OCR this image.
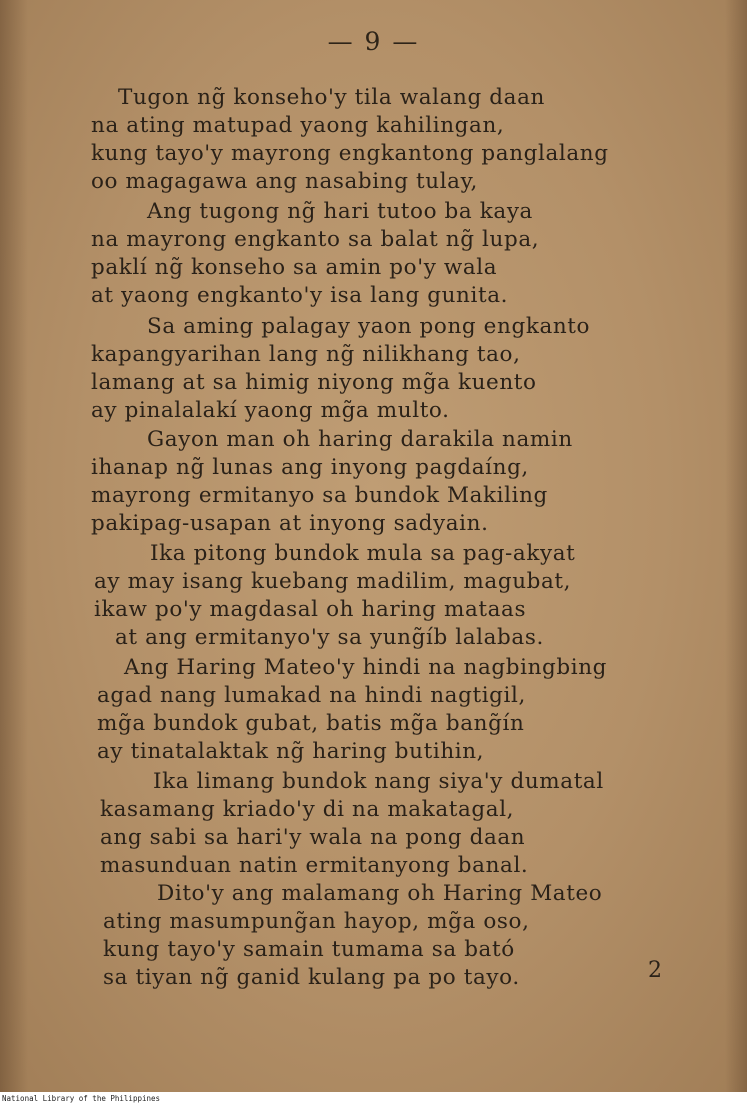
— 9 —
Tugon ng̃ konseho'y tila walang daan
na ating matupad yaong kahilingan,
kung tayo'y mayrong engkantong panglalang
oo magagawa ang nasabing tulay,
Ang tugong ng̃ hari tutoo ba kaya
na mayrong engkanto sa balat ng̃ lupa,
paklí ng̃ konseho sa amin po'y wala
at yaong engkanto'y isa lang gunita.
Sa aming palagay yaon pong engkanto
kapangyarihan lang ng̃ nilikhang tao,
lamang at sa himig niyong mg̃a kuento
ay pinalalakí yaong mg̃a multo.
Gayon man oh haring darakila namin
ihanap ng̃ lunas ang inyong pagdaíng,
mayrong ermitanyo sa bundok Makiling
pakipag-usapan at inyong sadyain.
Ika pitong bundok mula sa pag-akyat
ay may isang kuebang madilim, magubat,
ikaw po'y magdasal oh haring mataas
at ang ermitanyo'y sa yung̃íb lalabas.
Ang Haring Mateo'y hindi na nagbingbing
agad nang lumakad na hindi nagtigil,
mg̃a bundok gubat, batis mg̃a bang̃ín
ay tinatalaktak ng̃ haring butihin,
Ika limang bundok nang siya'y dumatal
kasamang kriado'y di na makatagal,
ang sabi sa hari'y wala na pong daan
masunduan natin ermitanyong banal.
Dito'y ang malamang oh Haring Mateo
ating masumpung̃an hayop, mg̃a oso,
kung tayo'y samain tumama sa bató
sa tiyan ng̃ ganid kulang pa po tayo.	2
National Library of the Philippines
